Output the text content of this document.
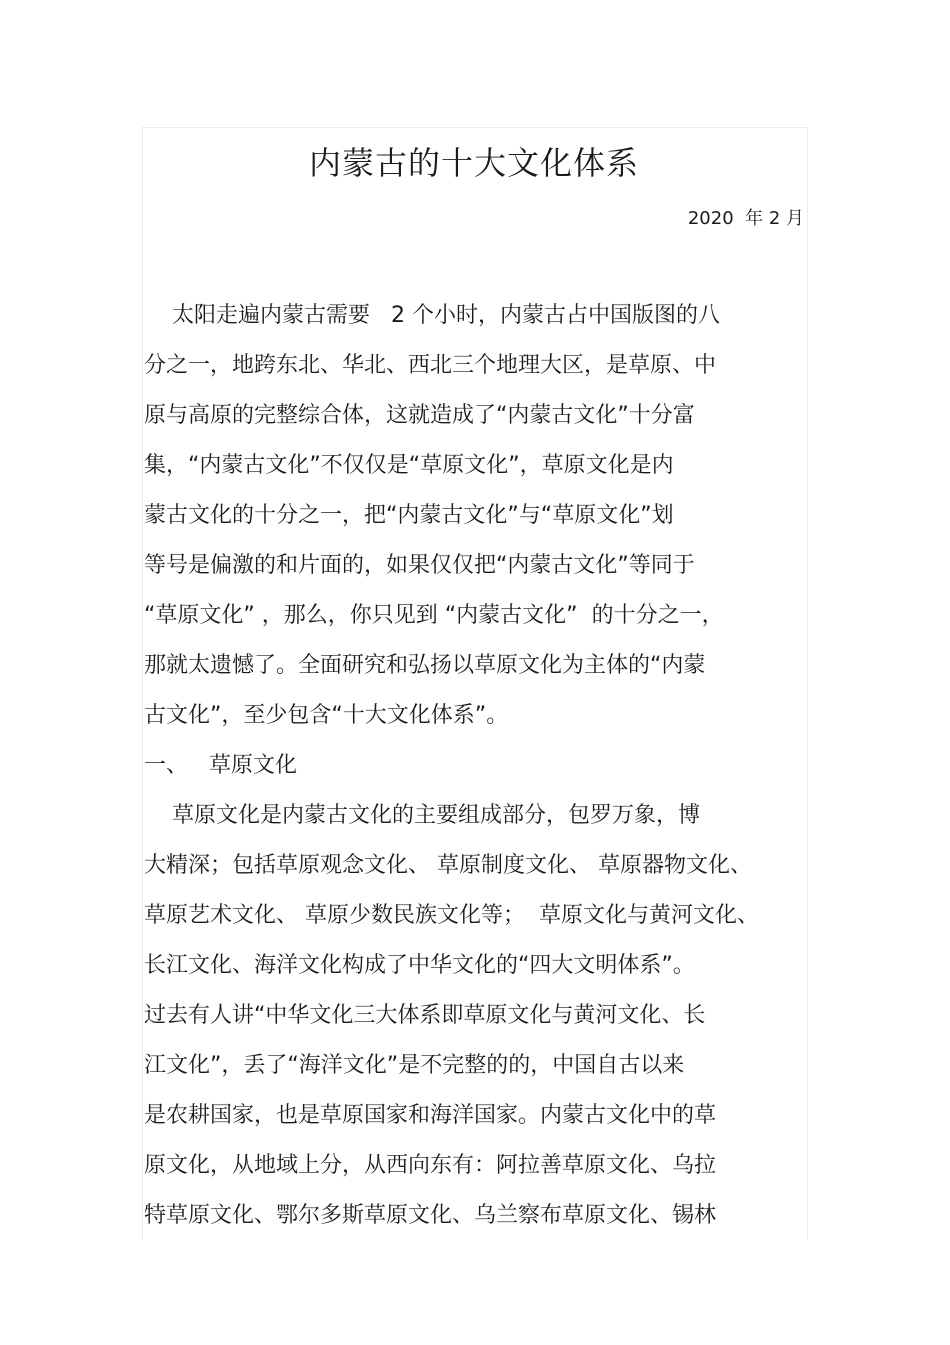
内蒙古的十大文化体系
2020  年 2 月
太阳走遍内蒙古需要   2 个小时，内蒙古占中国版图的八
分之一，地跨东北、华北、西北三个地理大区，是草原、中
原与高原的完整综合体，这就造成了“内蒙古文化”十分富
集，“内蒙古文化”不仅仅是“草原文化”，草原文化是内
蒙古文化的十分之一，把“内蒙古文化”与“草原文化”划
等号是偏激的和片面的，如果仅仅把“内蒙古文化”等同于
“草原文化” ，那么，你只见到 “内蒙古文化”  的十分之一，
那就太遗憾了。全面研究和弘扬以草原文化为主体的“内蒙
古文化”，至少包含“十大文化体系”。
一、   草原文化
草原文化是内蒙古文化的主要组成部分，包罗万象，博
大精深；包括草原观念文化、 草原制度文化、 草原器物文化、
草原艺术文化、 草原少数民族文化等；  草原文化与黄河文化、
长江文化、海洋文化构成了中华文化的“四大文明体系”。
过去有人讲“中华文化三大体系即草原文化与黄河文化、长
江文化”，丢了“海洋文化”是不完整的的，中国自古以来
是农耕国家，也是草原国家和海洋国家。内蒙古文化中的草
原文化，从地域上分，从西向东有：阿拉善草原文化、乌拉
特草原文化、鄂尔多斯草原文化、乌兰察布草原文化、锡林
